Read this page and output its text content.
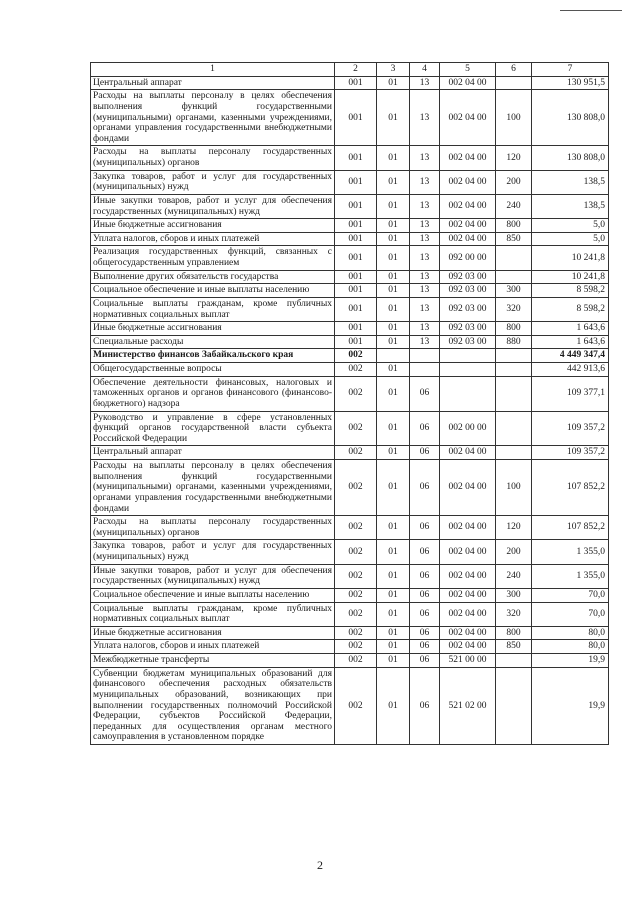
1	2	3	4	5	6	7
Центральный аппарат	001	01	13	002 04 00		130 951,5
Расходы на выплаты персоналу в целях обеспечения выполнения функций государственными (муниципальными) органами, казенными учреждениями, органами управления государственными внебюджетными фондами	001	01	13	002 04 00	100	130 808,0
Расходы на выплаты персоналу государственных (муниципальных) органов	001	01	13	002 04 00	120	130 808,0
Закупка товаров, работ и услуг для государственных (муниципальных) нужд	001	01	13	002 04 00	200	138,5
Иные закупки товаров, работ и услуг для обеспечения государственных (муниципальных) нужд	001	01	13	002 04 00	240	138,5
Иные бюджетные ассигнования	001	01	13	002 04 00	800	5,0
Уплата налогов, сборов и иных платежей	001	01	13	002 04 00	850	5,0
Реализация государственных функций, связанных с общегосударственным управлением	001	01	13	092 00 00		10 241,8
Выполнение других обязательств государства	001	01	13	092 03 00		10 241,8
Социальное обеспечение и иные выплаты населению	001	01	13	092 03 00	300	8 598,2
Социальные выплаты гражданам, кроме публичных нормативных социальных выплат	001	01	13	092 03 00	320	8 598,2
Иные бюджетные ассигнования	001	01	13	092 03 00	800	1 643,6
Специальные расходы	001	01	13	092 03 00	880	1 643,6
Министерство финансов Забайкальского края	002					4 449 347,4
Общегосударственные вопросы	002	01				442 913,6
Обеспечение деятельности финансовых, налоговых и таможенных органов и органов финансового (финансово-бюджетного) надзора	002	01	06			109 377,1
Руководство и управление в сфере установленных функций органов государственной власти субъекта Российской Федерации	002	01	06	002 00 00		109 357,2
Центральный аппарат	002	01	06	002 04 00		109 357,2
Расходы на выплаты персоналу в целях обеспечения выполнения функций государственными (муниципальными) органами, казенными учреждениями, органами управления государственными внебюджетными фондами	002	01	06	002 04 00	100	107 852,2
Расходы на выплаты персоналу государственных (муниципальных) органов	002	01	06	002 04 00	120	107 852,2
Закупка товаров, работ и услуг для государственных (муниципальных) нужд	002	01	06	002 04 00	200	1 355,0
Иные закупки товаров, работ и услуг для обеспечения государственных (муниципальных) нужд	002	01	06	002 04 00	240	1 355,0
Социальное обеспечение и иные выплаты населению	002	01	06	002 04 00	300	70,0
Социальные выплаты гражданам, кроме публичных нормативных социальных выплат	002	01	06	002 04 00	320	70,0
Иные бюджетные ассигнования	002	01	06	002 04 00	800	80,0
Уплата налогов, сборов и иных платежей	002	01	06	002 04 00	850	80,0
Межбюджетные трансферты	002	01	06	521 00 00		19,9
Субвенции бюджетам муниципальных образований для финансового обеспечения расходных обязательств муниципальных образований, возникающих при выполнении государственных полномочий Российской Федерации, субъектов Российской Федерации, переданных для осуществления органам местного самоуправления в установленном порядке	002	01	06	521 02 00		19,9
2
